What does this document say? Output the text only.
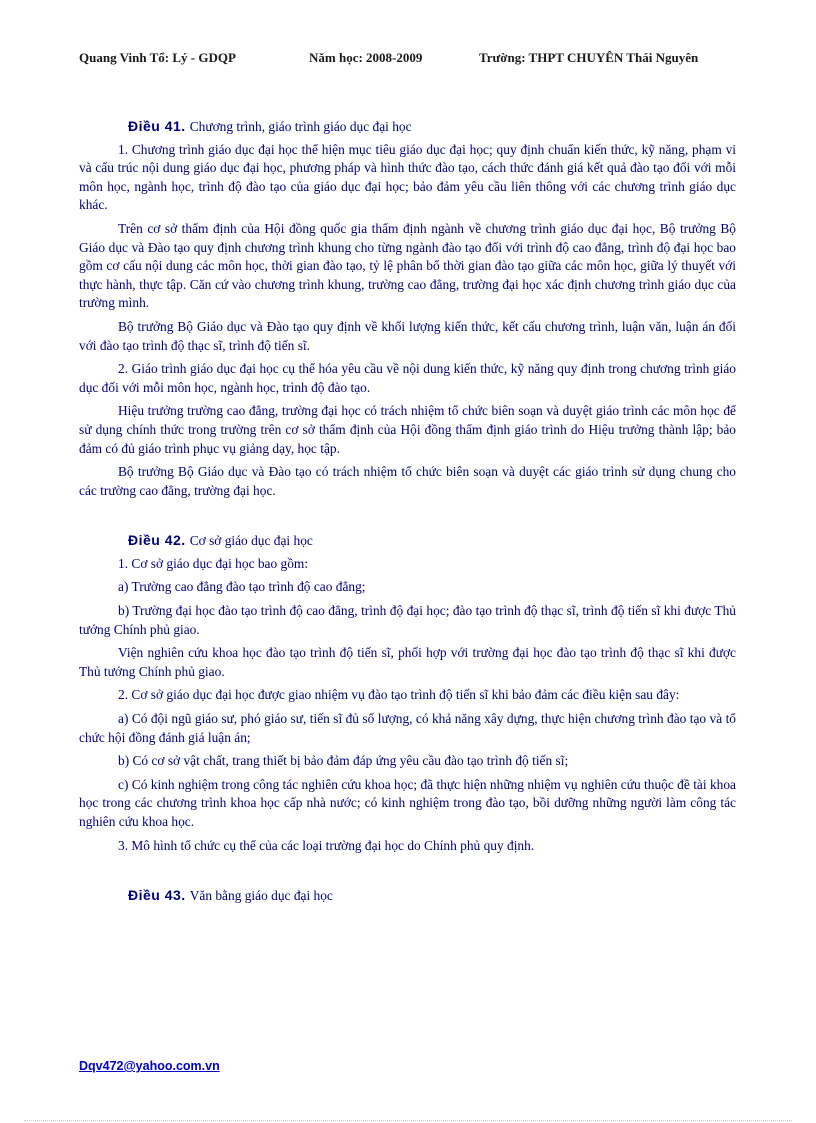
Quang Vinh Tổ: Lý - GDQP	Năm học: 2008-2009	Trường: THPT CHUYÊN Thái Nguyên
Điều 41. Chương trình, giáo trình giáo dục đại học

1. Chương trình giáo dục đại học thể hiện mục tiêu giáo dục đại học; quy định chuẩn kiến thức, kỹ năng, phạm vi và cấu trúc nội dung giáo dục đại học, phương pháp và hình thức đào tạo, cách thức đánh giá kết quả đào tạo đối với mỗi môn học, ngành học, trình độ đào tạo của giáo dục đại học; bảo đảm yêu cầu liên thông với các chương trình giáo dục khác.

Trên cơ sở thẩm định của Hội đồng quốc gia thẩm định ngành về chương trình giáo dục đại học, Bộ trưởng Bộ Giáo dục và Đào tạo quy định chương trình khung cho từng ngành đào tạo đối với trình độ cao đẳng, trình độ đại học bao gồm cơ cấu nội dung các môn học, thời gian đào tạo, tỷ lệ phân bổ thời gian đào tạo giữa các môn học, giữa lý thuyết với thực hành, thực tập. Căn cứ vào chương trình khung, trường cao đẳng, trường đại học xác định chương trình giáo dục của trường mình.

Bộ trưởng Bộ Giáo dục và Đào tạo quy định về khối lượng kiến thức, kết cấu chương trình, luận văn, luận án đối với đào tạo trình độ thạc sĩ, trình độ tiến sĩ.

2. Giáo trình giáo dục đại học cụ thể hóa yêu cầu về nội dung kiến thức, kỹ năng quy định trong chương trình giáo dục đối với mỗi môn học, ngành học, trình độ đào tạo.

Hiệu trưởng trường cao đẳng, trường đại học có trách nhiệm tổ chức biên soạn và duyệt giáo trình các môn học để sử dụng chính thức trong trường trên cơ sở thẩm định của Hội đồng thẩm định giáo trình do Hiệu trưởng thành lập; bảo đảm có đủ giáo trình phục vụ giảng dạy, học tập.

Bộ trưởng Bộ Giáo dục và Đào tạo có trách nhiệm tổ chức biên soạn và duyệt các giáo trình sử dụng chung cho các trường cao đẳng, trường đại học.

Điều 42. Cơ sở giáo dục đại học

1. Cơ sở giáo dục đại học bao gồm:

a) Trường cao đẳng đào tạo trình độ cao đẳng;

b) Trường đại học đào tạo trình độ cao đẳng, trình độ đại học; đào tạo trình độ thạc sĩ, trình độ tiến sĩ khi được Thủ tướng Chính phủ giao.

Viện nghiên cứu khoa học đào tạo trình độ tiến sĩ, phối hợp với trường đại học đào tạo trình độ thạc sĩ khi được Thủ tướng Chính phủ giao.

2. Cơ sở giáo dục đại học được giao nhiệm vụ đào tạo trình độ tiến sĩ khi bảo đảm các điều kiện sau đây:

a) Có đội ngũ giáo sư, phó giáo sư, tiến sĩ đủ số lượng, có khả năng xây dựng, thực hiện chương trình đào tạo và tổ chức hội đồng đánh giá luận án;

b) Có cơ sở vật chất, trang thiết bị bảo đảm đáp ứng yêu cầu đào tạo trình độ tiến sĩ;

c) Có kinh nghiệm trong công tác nghiên cứu khoa học; đã thực hiện những nhiệm vụ nghiên cứu thuộc đề tài khoa học trong các chương trình khoa học cấp nhà nước; có kinh nghiệm trong đào tạo, bồi dưỡng những người làm công tác nghiên cứu khoa học.

3. Mô hình tổ chức cụ thể của các loại trường đại học do Chính phủ quy định.

Điều 43. Văn bằng giáo dục đại học
Dqv472@yahoo.com.vn
